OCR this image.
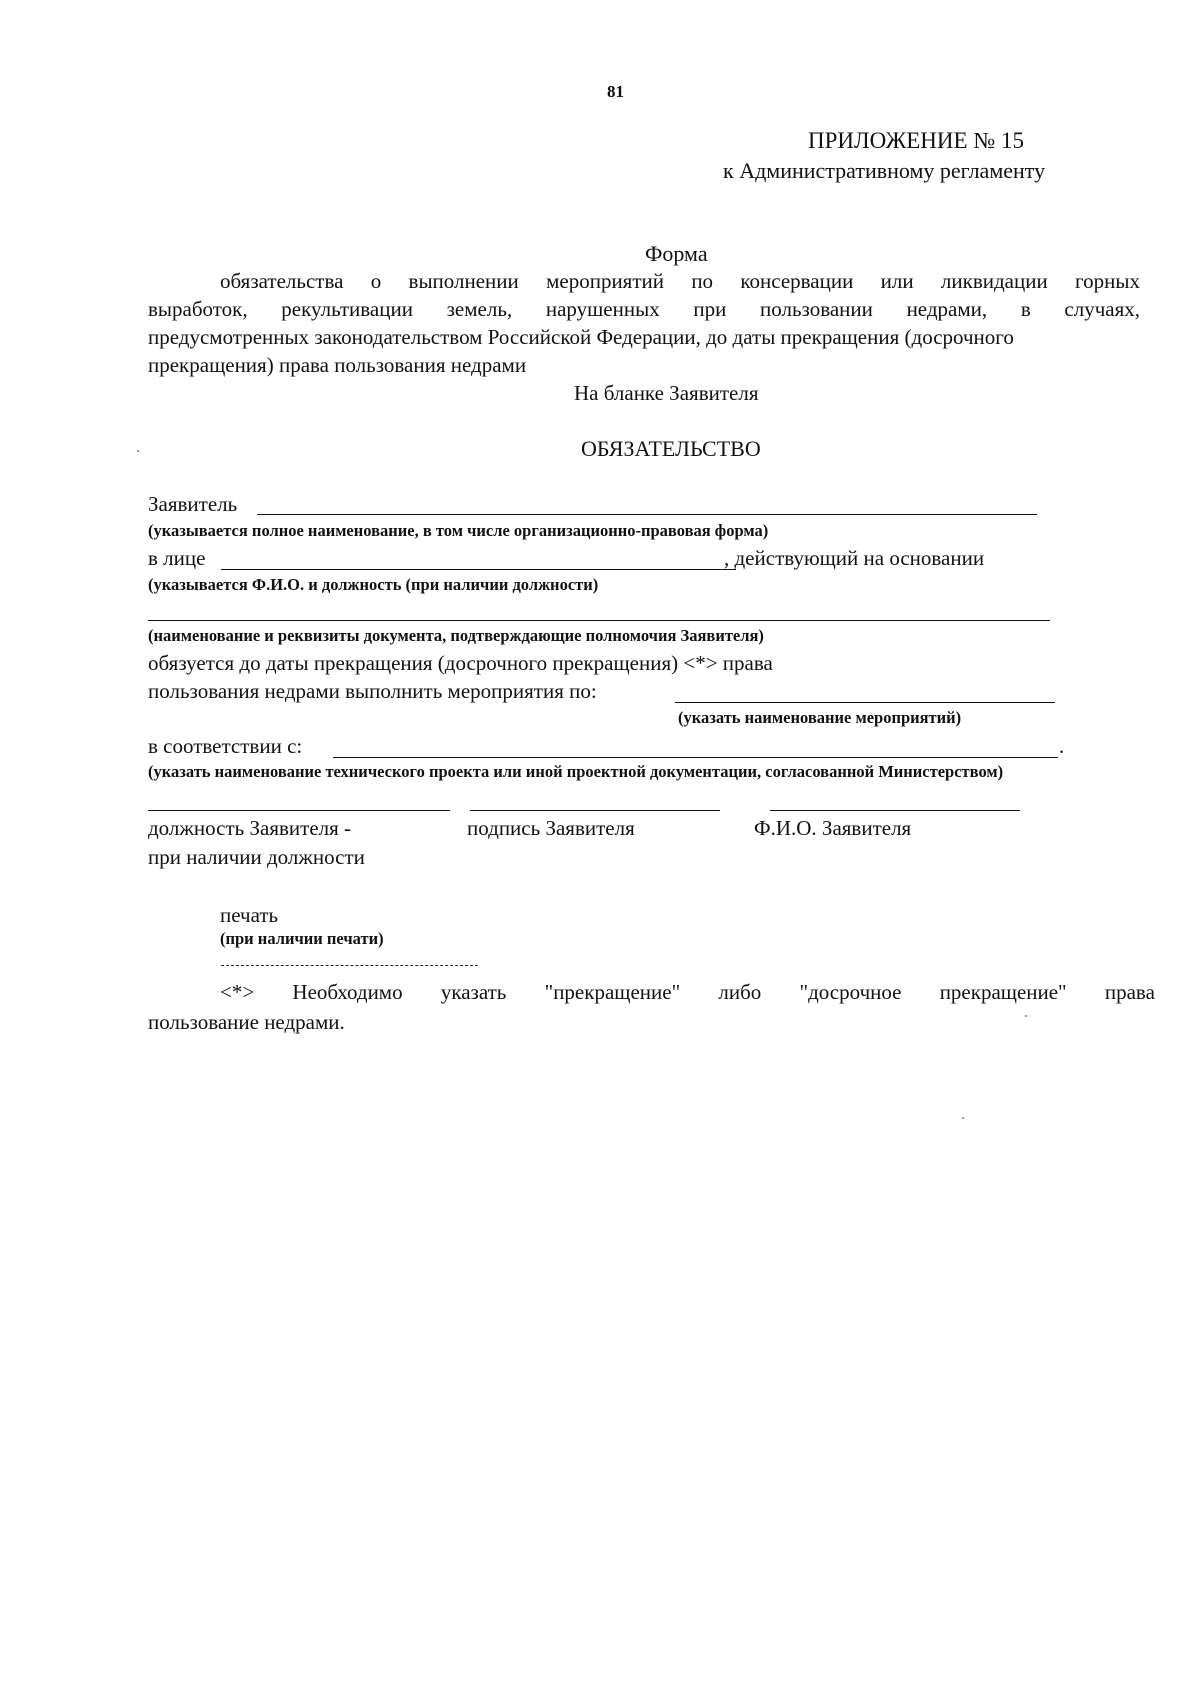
81
ПРИЛОЖЕНИЕ № 15
к Административному регламенту
Форма
обязательства о выполнении мероприятий по консервации или ликвидации горных
выработок, рекультивации земель, нарушенных при пользовании недрами, в случаях,
предусмотренных законодательством Российской Федерации, до даты прекращения (досрочного
прекращения) права пользования недрами
На бланке Заявителя
ОБЯЗАТЕЛЬСТВО
Заявитель
(указывается полное наименование, в том числе организационно-правовая форма)
в лице	, действующий на основании
(указывается Ф.И.О. и должность (при наличии должности)
(наименование и реквизиты документа, подтверждающие полномочия Заявителя)
обязуется до даты прекращения (досрочного прекращения) <*> права
пользования недрами выполнить мероприятия по:
(указать наименование мероприятий)
в соответствии с:	.
(указать наименование технического проекта или иной проектной документации, согласованной Министерством)
должность Заявителя -
при наличии должности
подпись Заявителя	Ф.И.О. Заявителя
печать
(при наличии печати)
<*> Необходимо указать "прекращение" либо "досрочное прекращение" права
пользование недрами.
